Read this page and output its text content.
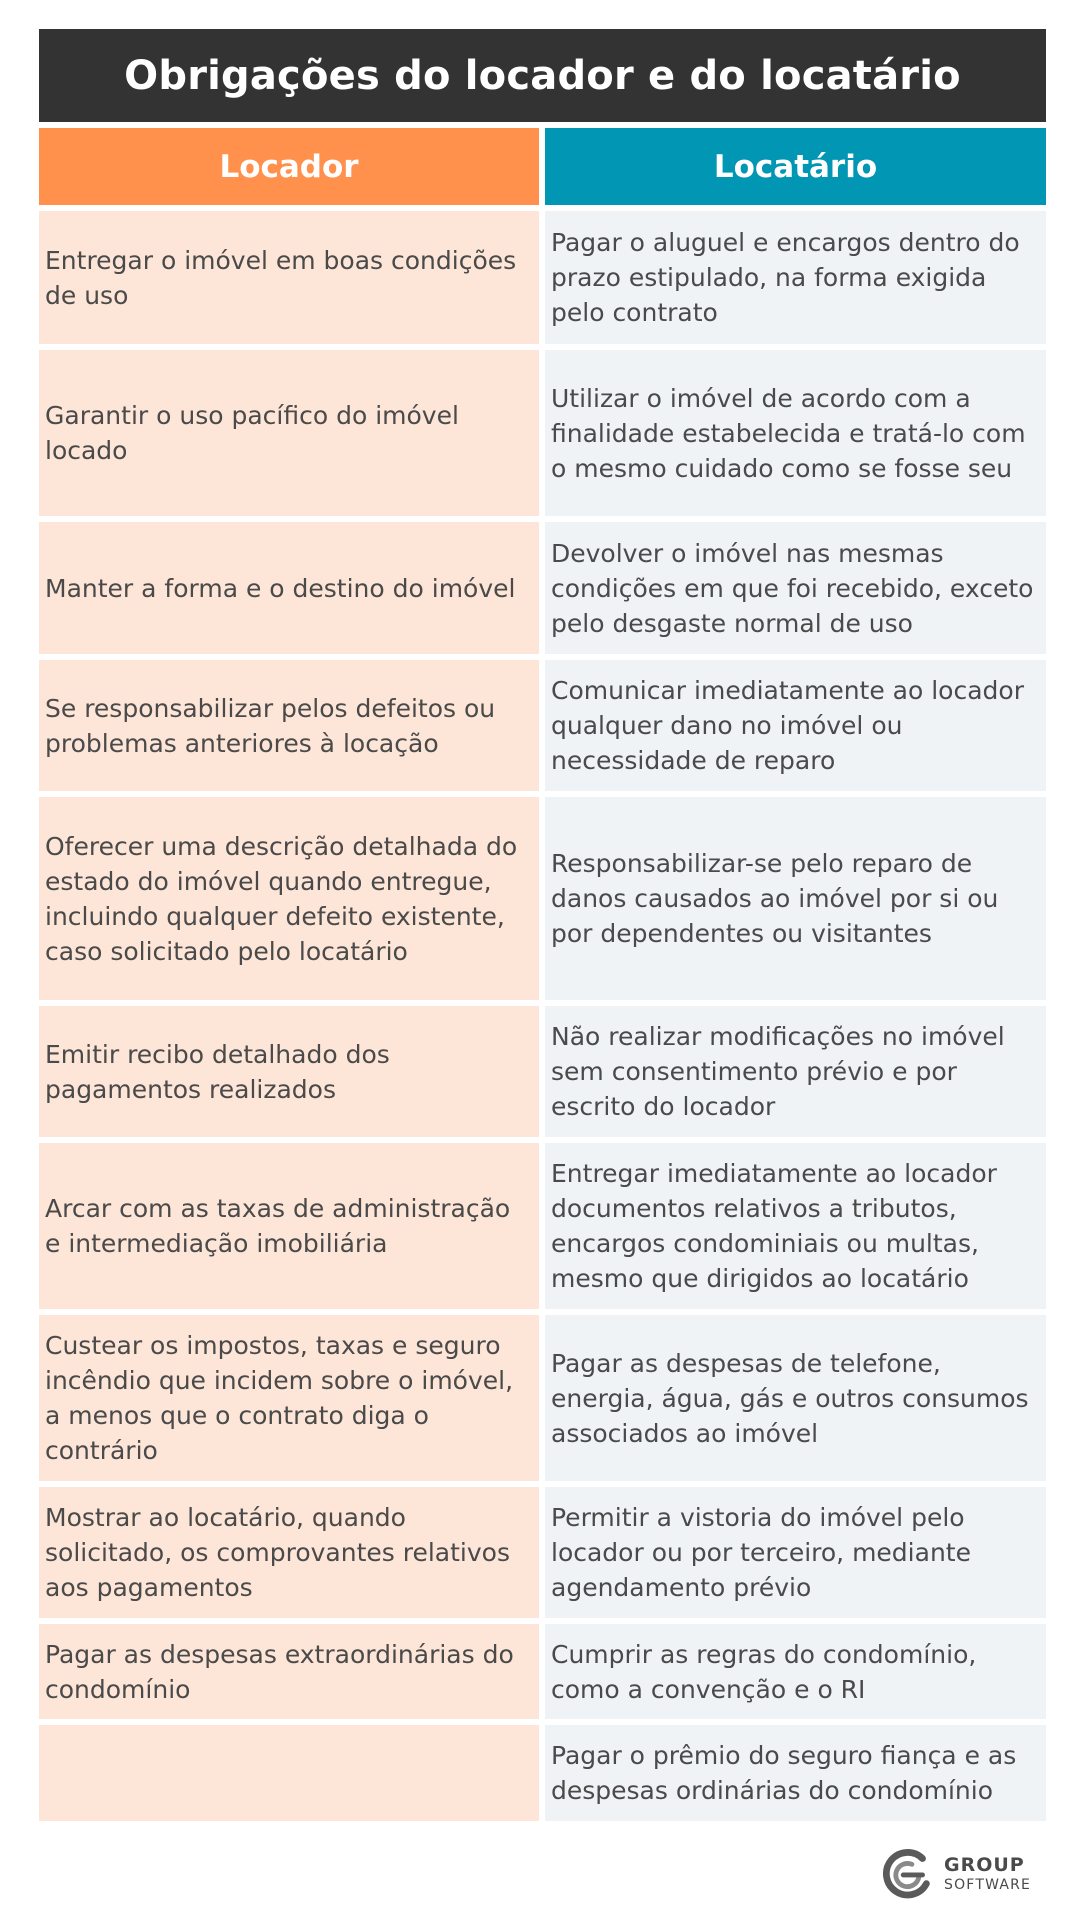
Obrigações do locador e do locatário
Locador	Locatário
Entregar o imóvel em boas condições de uso
Pagar o aluguel e encargos dentro do prazo estipulado, na forma exigida pelo contrato
Garantir o uso pacífico do imóvel locado
Utilizar o imóvel de acordo com a finalidade estabelecida e tratá-lo com o mesmo cuidado como se fosse seu
Manter a forma e o destino do imóvel
Devolver o imóvel nas mesmas condições em que foi recebido, exceto pelo desgaste normal de uso
Se responsabilizar pelos defeitos ou problemas anteriores à locação
Comunicar imediatamente ao locador qualquer dano no imóvel ou necessidade de reparo
Oferecer uma descrição detalhada do estado do imóvel quando entregue, incluindo qualquer defeito existente, caso solicitado pelo locatário
Responsabilizar-se pelo reparo de danos causados ao imóvel por si ou por dependentes ou visitantes
Emitir recibo detalhado dos pagamentos realizados
Não realizar modificações no imóvel sem consentimento prévio e por escrito do locador
Arcar com as taxas de administração e intermediação imobiliária
Entregar imediatamente ao locador documentos relativos a tributos, encargos condominiais ou multas, mesmo que dirigidos ao locatário
Custear os impostos, taxas e seguro incêndio que incidem sobre o imóvel, a menos que o contrato diga o contrário
Pagar as despesas de telefone, energia, água, gás e outros consumos associados ao imóvel
Mostrar ao locatário, quando solicitado, os comprovantes relativos aos pagamentos
Permitir a vistoria do imóvel pelo locador ou por terceiro, mediante agendamento prévio
Pagar as despesas extraordinárias do condomínio
Cumprir as regras do condomínio, como a convenção e o RI
Pagar o prêmio do seguro fiança e as despesas ordinárias do condomínio
GROUP
SOFTWARE
